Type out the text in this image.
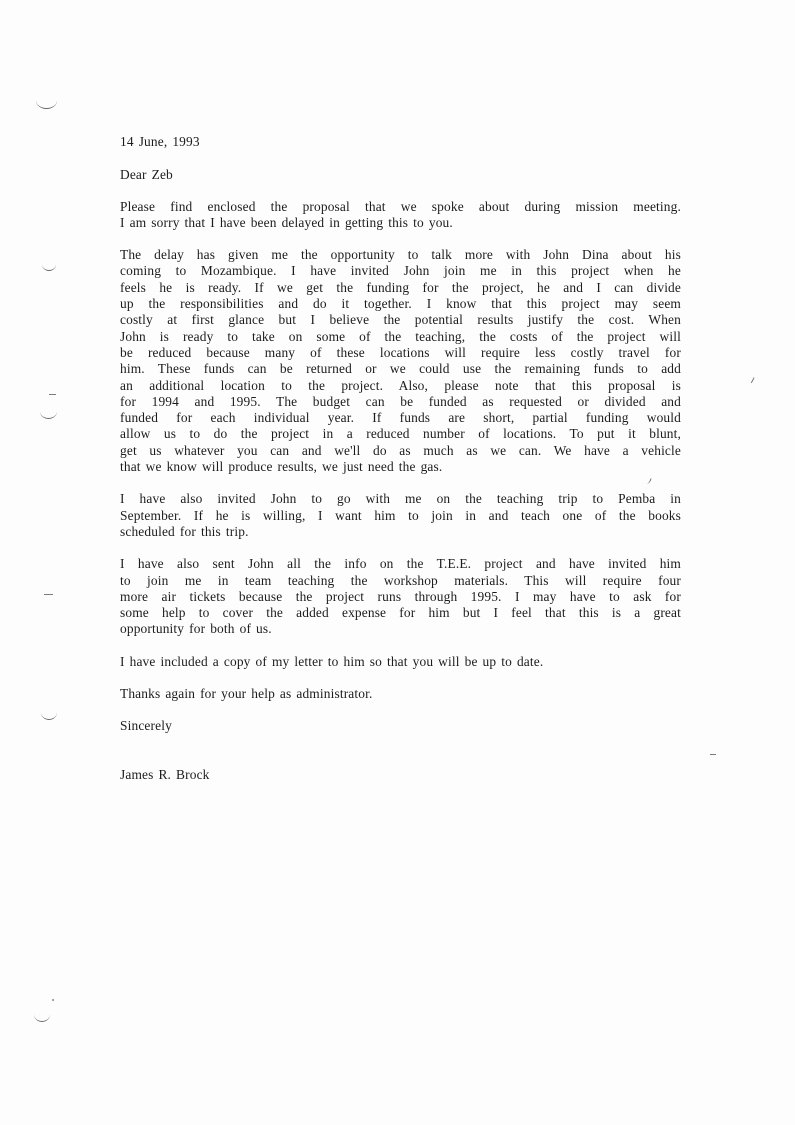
14 June, 1993
Dear Zeb
Please find enclosed the proposal that we spoke about during mission meeting.
I am sorry that I have been delayed in getting this to you.
The delay has given me the opportunity to talk more with John Dina about his
coming to Mozambique. I have invited John join me in this project when he
feels he is ready. If we get the funding for the project, he and I can divide
up the responsibilities and do it together. I know that this project may seem
costly at first glance but I believe the potential results justify the cost. When
John is ready to take on some of the teaching, the costs of the project will
be reduced because many of these locations will require less costly travel for
him. These funds can be returned or we could use the remaining funds to add
an additional location to the project. Also, please note that this proposal is
for 1994 and 1995. The budget can be funded as requested or divided and
funded for each individual year. If funds are short, partial funding would
allow us to do the project in a reduced number of locations. To put it blunt,
get us whatever you can and we'll do as much as we can. We have a vehicle
that we know will produce results, we just need the gas.
I have also invited John to go with me on the teaching trip to Pemba in
September. If he is willing, I want him to join in and teach one of the books
scheduled for this trip.
I have also sent John all the info on the T.E.E. project and have invited him
to join me in team teaching the workshop materials. This will require four
more air tickets because the project runs through 1995. I may have to ask for
some help to cover the added expense for him but I feel that this is a great
opportunity for both of us.
I have included a copy of my letter to him so that you will be up to date.
Thanks again for your help as administrator.
Sincerely
James R. Brock
